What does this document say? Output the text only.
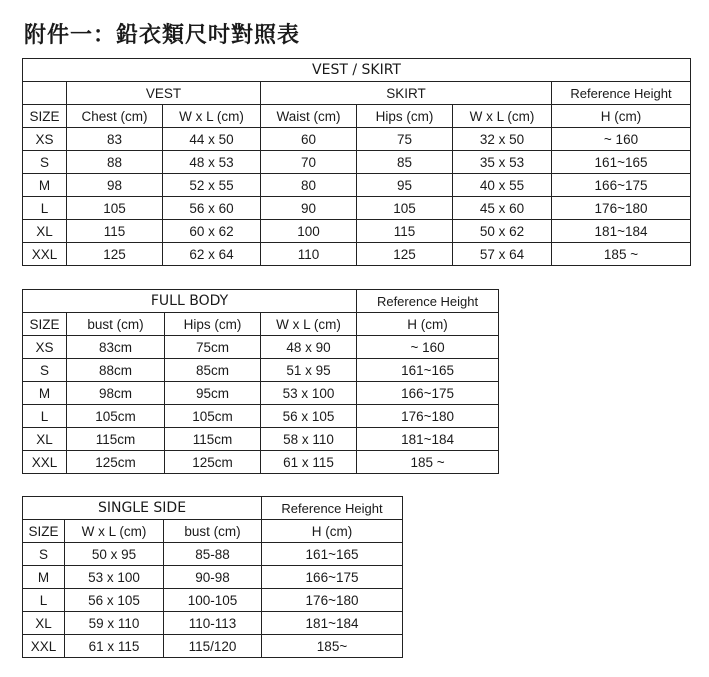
附件一：鉛衣類尺吋對照表
VEST / SKIRT						
	VEST		SKIRT			Reference Height
SIZE	Chest (cm)	W x L (cm)	Waist (cm)	Hips (cm)	W x L (cm)	H (cm)
XS	83	44 x 50	60	75	32 x 50	~ 160
S	88	48 x 53	70	85	35 x 53	161~165
M	98	52 x 55	80	95	40 x 55	166~175
L	105	56 x 60	90	105	45 x 60	176~180
XL	115	60 x 62	100	115	50 x 62	181~184
XXL	125	62 x 64	110	125	57 x 64	185 ~
FULL BODY				Reference Height
SIZE	bust (cm)	Hips (cm)	W x L (cm)	H (cm)
XS	83cm	75cm	48 x 90	~ 160
S	88cm	85cm	51 x 95	161~165
M	98cm	95cm	53 x 100	166~175
L	105cm	105cm	56 x 105	176~180
XL	115cm	115cm	58 x 110	181~184
XXL	125cm	125cm	61 x 115	185 ~
SINGLE SIDE			Reference Height
SIZE	W x L (cm)	bust (cm)	H (cm)
S	50 x 95	85-88	161~165
M	53 x 100	90-98	166~175
L	56 x 105	100-105	176~180
XL	59 x 110	110-113	181~184
XXL	61 x 115	115/120	185~
